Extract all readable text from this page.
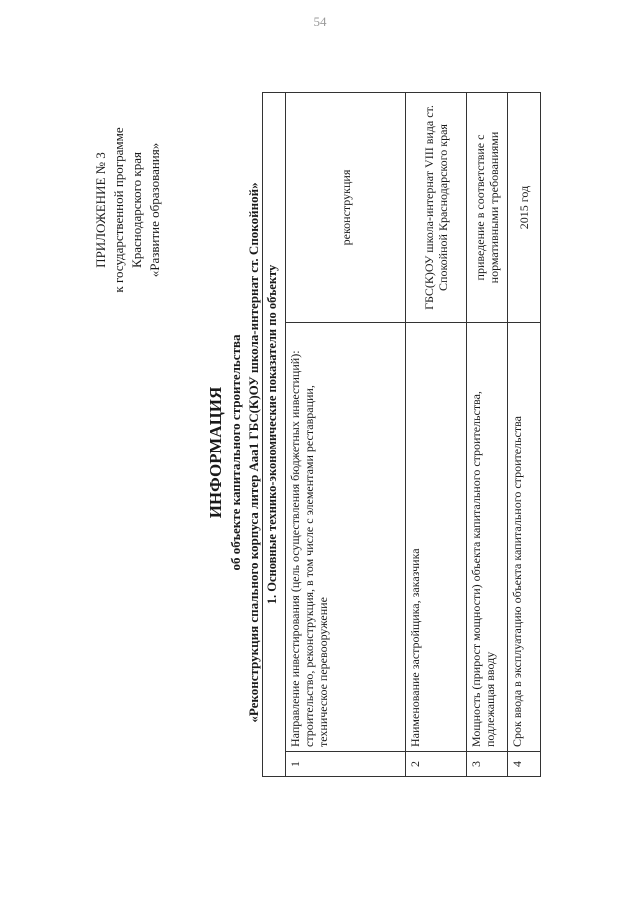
54
ПРИЛОЖЕНИЕ № 3 к государственной программе Краснодарского края «Развитие образования»
ИНФОРМАЦИЯ об объекте капитального строительства «Реконструкция спального корпуса литер Ааа1 ГБС(К)ОУ школа-интернат ст. Спокойной» 1. Основные технико-экономические показатели по объекту		
1	Направление инвестирования (цель осуществления бюджетных инвестиций): строительство, реконструкция, в том числе с элементами реставрации, техническое перевооружение	реконструкция
2	Наименование застройщика, заказчика	ГБС(К)ОУ школа-интернат VIII вида ст. Спокойной Краснодарского края
3	Мощность (прирост мощности) объекта капитального строительства, подлежащая вводу	приведение в соответствие с нормативными требованиями
4	Срок ввода в эксплуатацию объекта капитального строительства	2015 год
